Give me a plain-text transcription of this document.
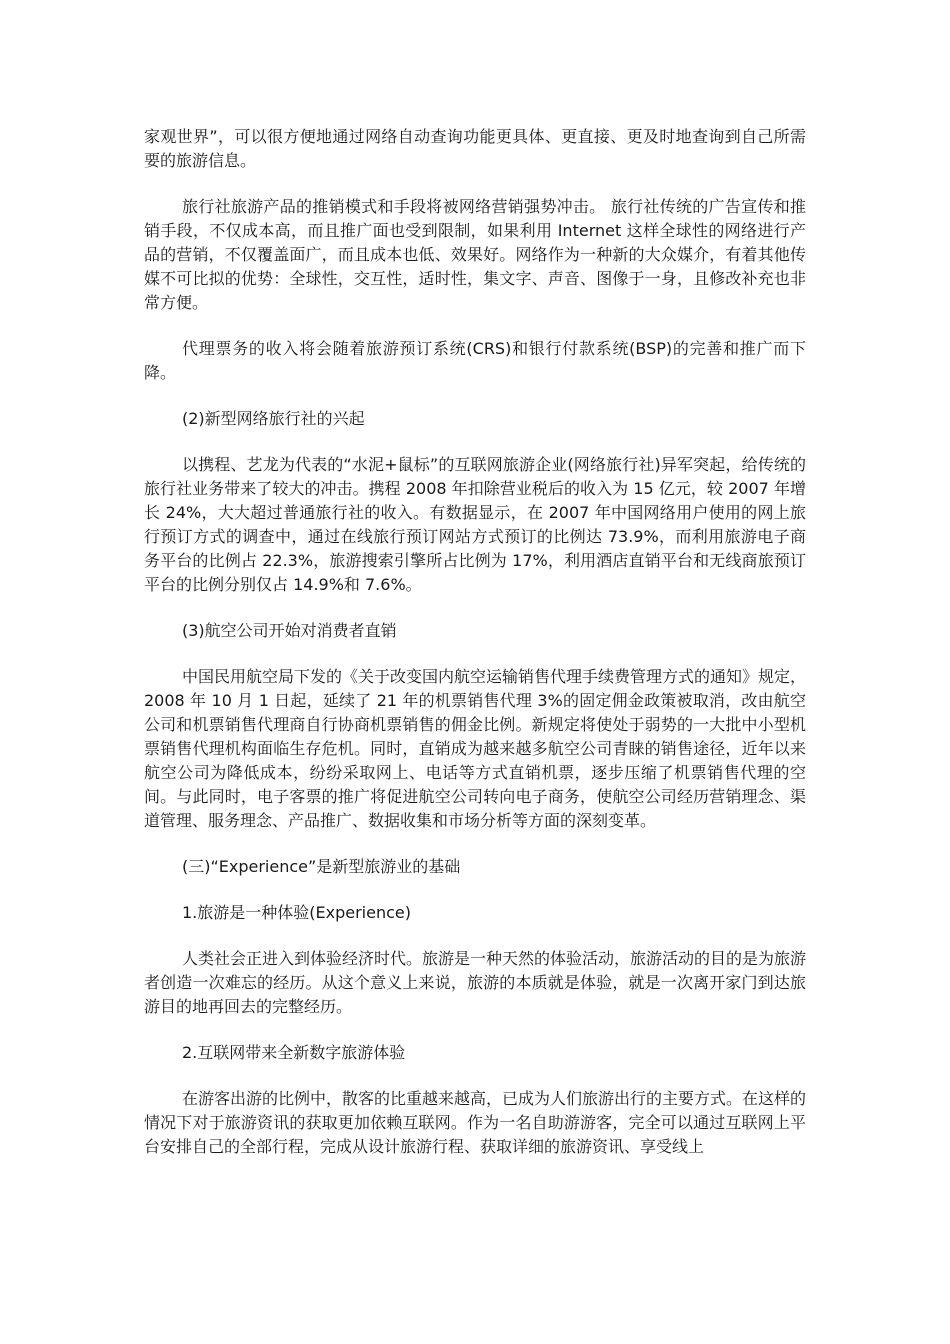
家观世界”，可以很方便地通过网络自动查询功能更具体、更直接、更及时地查询到自己所需要的旅游信息。

旅行社旅游产品的推销模式和手段将被网络营销强势冲击。 旅行社传统的广告宣传和推销手段，不仅成本高，而且推广面也受到限制，如果利用 Internet 这样全球性的网络进行产品的营销，不仅覆盖面广，而且成本也低、效果好。网络作为一种新的大众媒介，有着其他传媒不可比拟的优势：全球性，交互性，适时性，集文字、声音、图像于一身，且修改补充也非常方便。

代理票务的收入将会随着旅游预订系统(CRS)和银行付款系统(BSP)的完善和推广而下降。

(2)新型网络旅行社的兴起

以携程、艺龙为代表的“水泥+鼠标”的互联网旅游企业(网络旅行社)异军突起，给传统的旅行社业务带来了较大的冲击。携程 2008 年扣除营业税后的收入为 15 亿元，较 2007 年增长 24%，大大超过普通旅行社的收入。有数据显示，在 2007 年中国网络用户使用的网上旅行预订方式的调查中，通过在线旅行预订网站方式预订的比例达 73.9%，而利用旅游电子商务平台的比例占 22.3%，旅游搜索引擎所占比例为 17%，利用酒店直销平台和无线商旅预订平台的比例分别仅占 14.9%和 7.6%。

(3)航空公司开始对消费者直销

中国民用航空局下发的《关于改变国内航空运输销售代理手续费管理方式的通知》规定，2008 年 10 月 1 日起，延续了 21 年的机票销售代理 3%的固定佣金政策被取消，改由航空公司和机票销售代理商自行协商机票销售的佣金比例。新规定将使处于弱势的一大批中小型机票销售代理机构面临生存危机。同时，直销成为越来越多航空公司青睐的销售途径，近年以来航空公司为降低成本，纷纷采取网上、电话等方式直销机票，逐步压缩了机票销售代理的空间。与此同时，电子客票的推广将促进航空公司转向电子商务，使航空公司经历营销理念、渠道管理、服务理念、产品推广、数据收集和市场分析等方面的深刻变革。

(三)“Experience”是新型旅游业的基础

1.旅游是一种体验(Experience)

人类社会正进入到体验经济时代。旅游是一种天然的体验活动，旅游活动的目的是为旅游者创造一次难忘的经历。从这个意义上来说，旅游的本质就是体验，就是一次离开家门到达旅游目的地再回去的完整经历。

2.互联网带来全新数字旅游体验

在游客出游的比例中，散客的比重越来越高，已成为人们旅游出行的主要方式。在这样的情况下对于旅游资讯的获取更加依赖互联网。作为一名自助游游客，完全可以通过互联网上平台安排自己的全部行程，完成从设计旅游行程、获取详细的旅游资讯、享受线上
